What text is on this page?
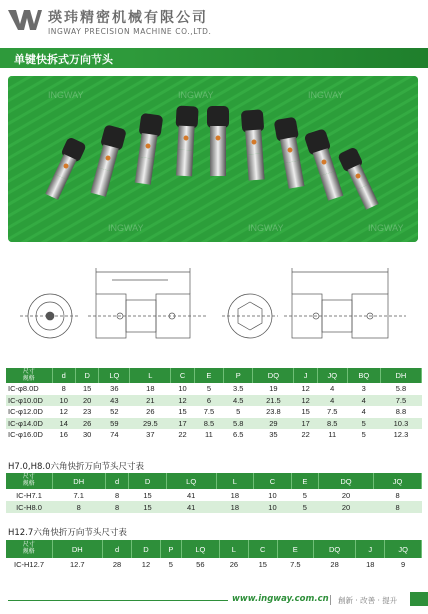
瑛玮精密机械有限公司
INGWAY PRECISION MACHINE CO.,LTD.
单键快拆式万向节头
INGWAY	INGWAY	INGWAY
INGWAY	INGWAY	INGWAY
尺寸
规格	d	D	LQ	L	C	E	P	DQ	J	JQ	BQ	DH
IC-φ8.0D	8	15	36	18	10	5	3.5	19	12	4	3	5.8
IC-φ10.0D	10	20	43	21	12	6	4.5	21.5	12	4	4	7.5
IC-φ12.0D	12	23	52	26	15	7.5	5	23.8	15	7.5	4	8.8
IC-φ14.0D	14	26	59	29.5	17	8.5	5.8	29	17	8.5	5	10.3
IC-φ16.0D	16	30	74	37	22	11	6.5	35	22	11	5	12.3
H7.0,H8.0六角快折万向节头尺寸表
尺寸
规格	DH	d	D	LQ	L	C	E	DQ	JQ
IC-H7.1	7.1	8	15	41	18	10	5	20	8
IC-H8.0	8	8	15	41	18	10	5	20	8
H12.7六角快折万向节头尺寸表
尺寸
规格	DH	d	D	P	LQ	L	C	E	DQ	J	JQ
IC-H12.7	12.7	28	12	5	56	26	15	7.5	28	18	9
www.ingway.com.cn 創新 · 改善 · 提升
